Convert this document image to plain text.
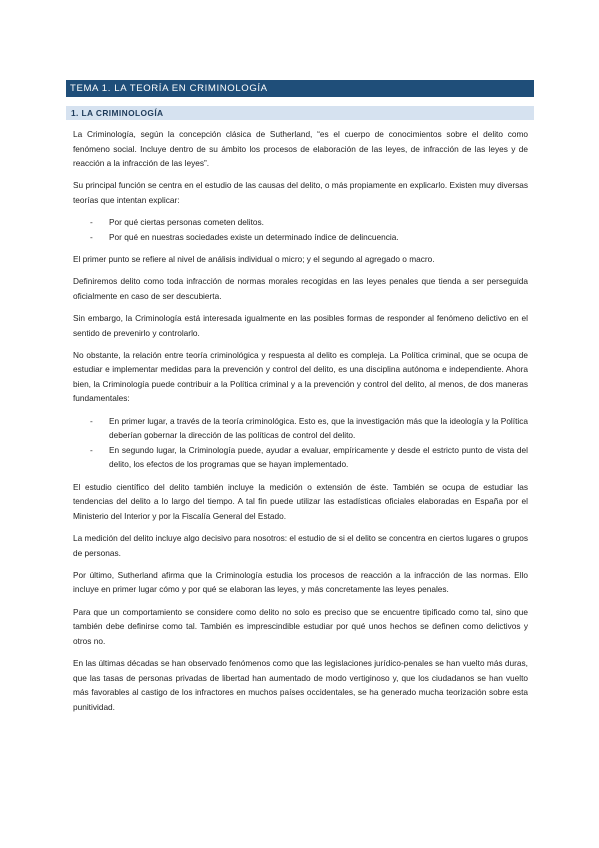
TEMA 1. LA TEORÍA EN CRIMINOLOGÍA
1. LA CRIMINOLOGÍA

La Criminología, según la concepción clásica de Sutherland, “es el cuerpo de conocimientos sobre el delito como fenómeno social. Incluye dentro de su ámbito los procesos de elaboración de las leyes, de infracción de las leyes y de reacción a la infracción de las leyes”.

Su principal función se centra en el estudio de las causas del delito, o más propiamente en explicarlo. Existen muy diversas teorías que intentan explicar:

- Por qué ciertas personas cometen delitos.
- Por qué en nuestras sociedades existe un determinado índice de delincuencia.

El primer punto se refiere al nivel de análisis individual o micro; y el segundo al agregado o macro.

Definiremos delito como toda infracción de normas morales recogidas en las leyes penales que tienda a ser perseguida oficialmente en caso de ser descubierta.

Sin embargo, la Criminología está interesada igualmente en las posibles formas de responder al fenómeno delictivo en el sentido de prevenirlo y controlarlo.

No obstante, la relación entre teoría criminológica y respuesta al delito es compleja. La Política criminal, que se ocupa de estudiar e implementar medidas para la prevención y control del delito, es una disciplina autónoma e independiente. Ahora bien, la Criminología puede contribuir a la Política criminal y a la prevención y control del delito, al menos, de dos maneras fundamentales:

- En primer lugar, a través de la teoría criminológica. Esto es, que la investigación más que la ideología y la Política deberían gobernar la dirección de las políticas de control del delito.
- En segundo lugar, la Criminología puede, ayudar a evaluar, empíricamente y desde el estricto punto de vista del delito, los efectos de los programas que se hayan implementado.

El estudio científico del delito también incluye la medición o extensión de éste. También se ocupa de estudiar las tendencias del delito a lo largo del tiempo. A tal fin puede utilizar las estadísticas oficiales elaboradas en España por el Ministerio del Interior y por la Fiscalía General del Estado.

La medición del delito incluye algo decisivo para nosotros: el estudio de si el delito se concentra en ciertos lugares o grupos de personas.

Por último, Sutherland afirma que la Criminología estudia los procesos de reacción a la infracción de las normas. Ello incluye en primer lugar cómo y por qué se elaboran las leyes, y más concretamente las leyes penales.

Para que un comportamiento se considere como delito no solo es preciso que se encuentre tipificado como tal, sino que también debe definirse como tal. También es imprescindible estudiar por qué unos hechos se definen como delictivos y otros no.

En las últimas décadas se han observado fenómenos como que las legislaciones jurídico-penales se han vuelto más duras, que las tasas de personas privadas de libertad han aumentado de modo vertiginoso y, que los ciudadanos se han vuelto más favorables al castigo de los infractores en muchos países occidentales, se ha generado mucha teorización sobre esta punitividad.
